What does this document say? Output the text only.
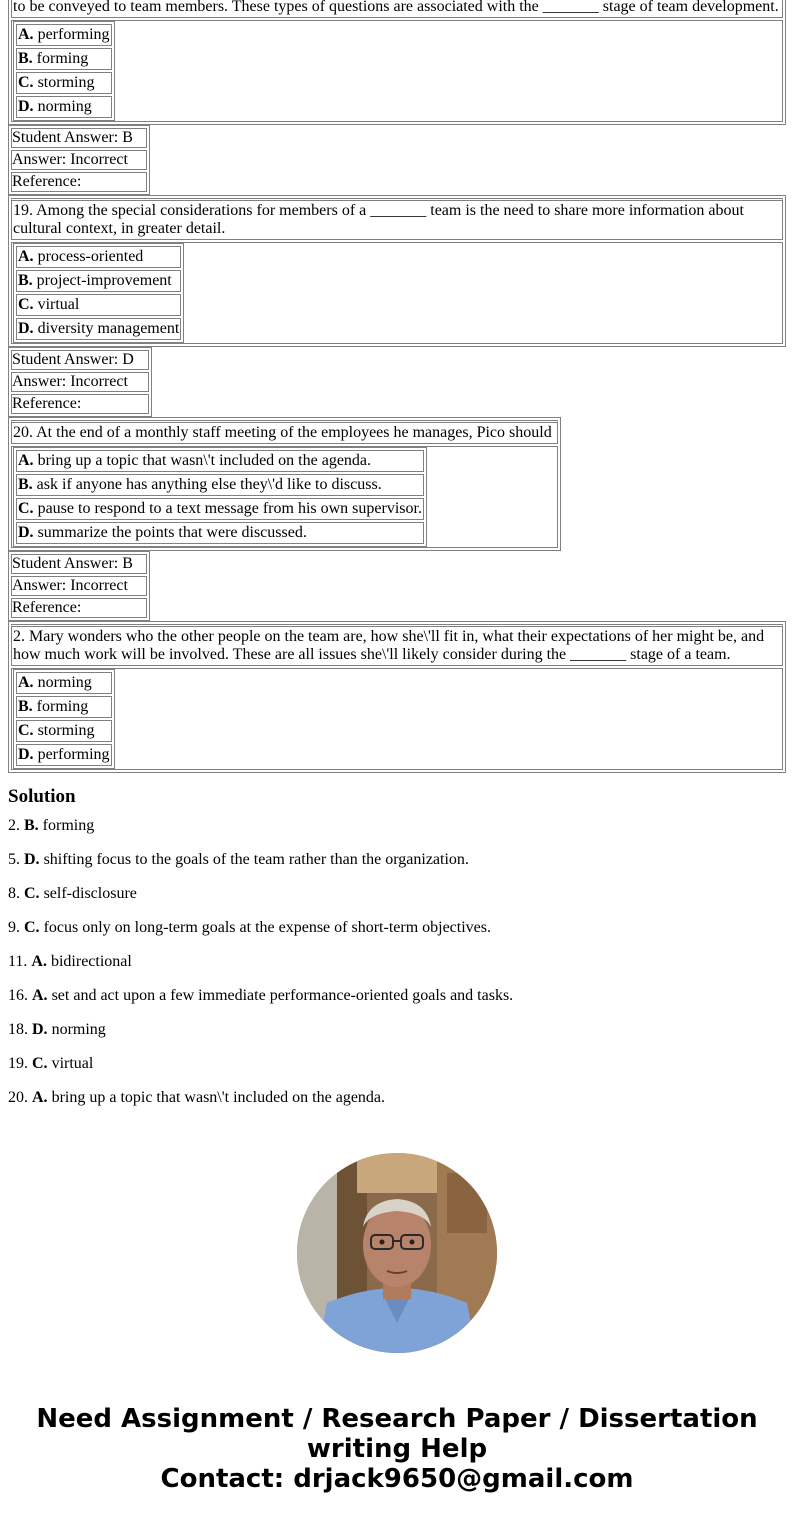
to be conveyed to team members. These types of questions are associated with the _______ stage of team development.

A. performing
B. forming
C. storming
D. norming
Student Answer: B
Answer: Incorrect
Reference:
19. Among the special considerations for members of a _______ team is the need to share more information about cultural context, in greater detail.

A. process-oriented
B. project-improvement
C. virtual
D. diversity management
Student Answer: D
Answer: Incorrect
Reference:
20. At the end of a monthly staff meeting of the employees he manages, Pico should

A. bring up a topic that wasn\'t included on the agenda.
B. ask if anyone has anything else they\'d like to discuss.
C. pause to respond to a text message from his own supervisor.
D. summarize the points that were discussed.
Student Answer: B
Answer: Incorrect
Reference:
2. Mary wonders who the other people on the team are, how she\'ll fit in, what their expectations of her might be, and how much work will be involved. These are all issues she\'ll likely consider during the _______ stage of a team.

A. norming
B. forming
C. storming
D. performing
Solution

2. B. forming

5. D. shifting focus to the goals of the team rather than the organization.

8. C. self-disclosure

9. C. focus only on long-term goals at the expense of short-term objectives.

11. A. bidirectional

16. A. set and act upon a few immediate performance-oriented goals and tasks.

18. D. norming

19. C. virtual

20. A. bring up a topic that wasn\'t included on the agenda.

Need Assignment / Research Paper / Dissertation
writing Help
Contact: drjack9650@gmail.com
